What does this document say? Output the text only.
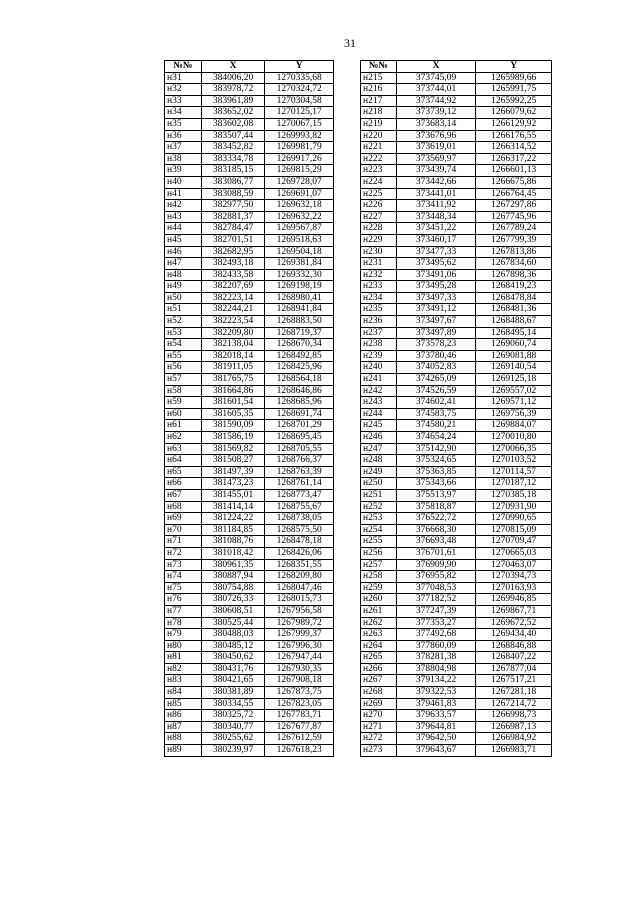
31
№№	X	Y
н31	384006,20	1270335,68
н32	383978,72	1270324,72
н33	383961,89	1270304,58
н34	383652,02	1270125,17
н35	383602,08	1270067,15
н36	383507,44	1269993,82
н37	383452,82	1269981,79
н38	383334,78	1269917,26
н39	383185,15	1269815,29
н40	383086,77	1269728,07
н41	383088,59	1269691,07
н42	382977,50	1269632,18
н43	382881,37	1269632,22
н44	382784,47	1269567,87
н45	382701,51	1269518,63
н46	382682,95	1269504,18
н47	382493,18	1269381,84
н48	382433,58	1269332,30
н49	382207,69	1269198,19
н50	382223,14	1268980,41
н51	382244,21	1268941,84
н52	382223,54	1268883,50
н53	382209,80	1268719,37
н54	382138,04	1268670,34
н55	382018,14	1268492,85
н56	381911,05	1268425,96
н57	381765,75	1268564,18
н58	381664,86	1268646,86
н59	381601,54	1268685,96
н60	381605,35	1268691,74
н61	381590,09	1268701,29
н62	381586,19	1268695,45
н63	381569,82	1268705,55
н64	381508,27	1268766,37
н65	381497,39	1268763,39
н66	381473,23	1268761,14
н67	381455,01	1268773,47
н68	381414,14	1268755,67
н69	381224,22	1268738,05
н70	381184,85	1268575,50
н71	381088,76	1268478,18
н72	381018,42	1268426,06
н73	380961,35	1268351,55
н74	380887,94	1268209,80
н75	380754,88	1268047,46
н76	380726,33	1268015,73
н77	380608,51	1267956,58
н78	380525,44	1267989,72
н79	380488,03	1267999,37
н80	380485,12	1267996,30
н81	380450,62	1267947,44
н82	380431,76	1267930,35
н83	380421,65	1267908,18
н84	380381,89	1267873,75
н85	380334,55	1267823,05
н86	380325,72	1267783,71
н87	380340,77	1267677,87
н88	380255,62	1267612,59
н89	380239,97	1267618,23
№№	X	Y
н215	373745,09	1265989,66
н216	373744,01	1265991,75
н217	373744,92	1265992,25
н218	373739,12	1266079,62
н219	373683,14	1266129,92
н220	373676,96	1266176,55
н221	373619,01	1266314,52
н222	373569,97	1266317,22
н223	373439,74	1266601,13
н224	373442,66	1266675,86
н225	373441,01	1266764,45
н226	373411,92	1267297,86
н227	373448,34	1267745,96
н228	373451,22	1267789,24
н229	373460,17	1267799,39
н230	373477,33	1267813,86
н231	373495,62	1267834,60
н232	373491,06	1267898,36
н233	373495,28	1268419,23
н234	373497,33	1268478,84
н235	373491,12	1268481,36
н236	373497,67	1268488,67
н237	373497,89	1268495,14
н238	373578,23	1269060,74
н239	373780,46	1269081,88
н240	374052,83	1269140,54
н241	374265,09	1269125,18
н242	374526,59	1269557,02
н243	374602,41	1269571,12
н244	374583,75	1269756,39
н245	374580,21	1269884,07
н246	374654,24	1270010,80
н247	375142,90	1270066,35
н248	375324,65	1270103,52
н249	375363,85	1270114,57
н250	375343,66	1270187,12
н251	375513,97	1270385,18
н252	375818,87	1270931,90
н253	376522,72	1270990,65
н254	376668,30	1270815,09
н255	376693,48	1270709,47
н256	376701,61	1270665,03
н257	376909,90	1270463,07
н258	376955,82	1270394,73
н259	377048,53	1270163,93
н260	377182,52	1269946,85
н261	377247,39	1269867,71
н262	377353,27	1269672,52
н263	377492,68	1269434,40
н264	377860,09	1268846,88
н265	378281,38	1268407,22
н266	378804,98	1267877,04
н267	379134,22	1267517,21
н268	379322,53	1267281,18
н269	379461,83	1267214,72
н270	379633,57	1266998,73
н271	379644,81	1266987,13
н272	379642,50	1266984,92
н273	379643,67	1266983,71
